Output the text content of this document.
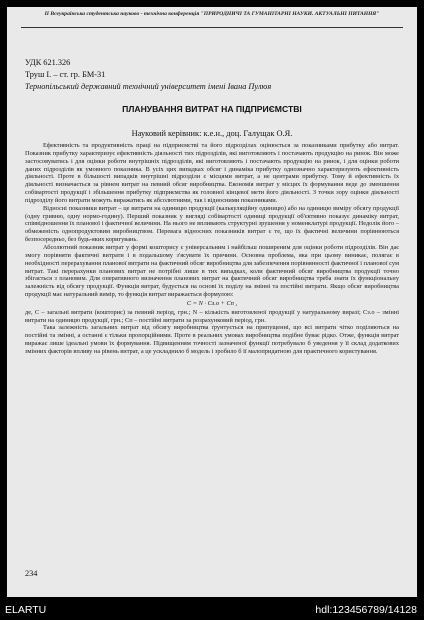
II Всеукраїнська студентська науково - технічна конференція "ПРИРОДНИЧІ ТА ГУМАНІТАРНІ НАУКИ. АКТУАЛЬНІ ПИТАННЯ"
УДК 621.326
Труш І. – ст. гр. БМ-31
Тернопільський державний технічний університет імені Івана Пулюя
ПЛАНУВАННЯ ВИТРАТ НА ПІДПРИЄМСТВІ
Науковий керівник: к.е.н., доц. Галущак О.Я.

Ефективність та продуктивність праці на підприємстві та його підрозділах оцінюється за показниками прибутку або витрат. Показник прибутку характеризує ефективність діяльності тих підрозділів, які виготовляють і постачають продукцію на ринок. Він може застосовуватись і для оцінки роботи внутрішніх підрозділів, які виготовляють і постачають продукцію на ринок, і для оцінки роботи даних підрозділів як умовного показника. В усіх цих випадках обсяг і динаміка прибутку однозначно характеризують ефективність діяльності. Проте в більшості випадків внутрішні підрозділи є місцями витрат, а не центрами прибутку. Тому й ефективність їх діяльності визначається за рівнем витрат на певний обсяг виробництва. Економія витрат у місцях їх формування веде до зменшення собівартості продукції і збільшення прибутку підприємства як головної кінцевої мети його діяльності. З точки зору оцінки діяльності підрозділу його витрати можуть виражатись як абсолютними, так і відносними показниками.

Відносні показники витрат – це витрати на одиницю продукції (калькуляційну одиницю) або на одиницю виміру обсягу продукції (одну гривню, одну нормо-годину). Перший показник у вигляді собівартості одиниці продукції об'єктивно показує динаміку витрат, співвідношення їх планової і фактичної величини. На нього не впливають структурні зрушення у номенклатурі продукції. Недолік його – обмеженість однопродуктовим виробництвом. Перевага відносних показників витрат є те, що їх фактичні величини порівнюються безпосередньо, без будь-яких коригувань.

Абсолютний показник витрат у формі кошторису є універсальним і найбільш поширеним для оцінки роботи підрозділів. Він дає змогу порівняти фактичні витрати і в подальшому з'ясувати їх причини. Основна проблема, яка при цьому виникає, полягає в необхідності перерахування планової витрати на фактичний обсяг виробництва для забезпечення порівнянності фактичної і планової сум витрат. Такі перерахунки планових витрат не потрібні лише в тих випадках, коли фактичний обсяг виробництва продукції точно збігається з плановим. Для оперативного визначення планових витрат на фактичний обсяг виробництва треба знати їх функціональну залежність від обсягу продукції. Функція витрат, будується на основі їх поділу на змінні та постійні витрати. Якщо обсяг виробництва продукції має натуральний вимір, то функція витрат виражається формулою:

C = N · Cз.о + Cп ,

де, С – загальні витрати (кошторис) за певний період, грн.; N – кількість виготовленої продукції у натуральному виразі; Сз.о – змінні витрати на одиницю продукції, грн.; Сп – постійні витрати за розрахунковий період, грн.

Така залежність загальних витрат від обсягу виробництва ґрунтується на припущенні, що всі витрати чітко поділяються на постійні та змінні, а останні є тільки пропорційними. Проте в реальних умовах виробництва подібне буває рідко. Отже, функція витрат виражає лише ідеальні умови їх формування. Підвищенням точності зазначеної функції потребувало б уведення у її склад додаткових змінних факторів впливу на рівень витрат, а це ускладнило б модель і зробило б її малопридатною для практичного користування.

234
ELARTU	hdl:123456789/14128
